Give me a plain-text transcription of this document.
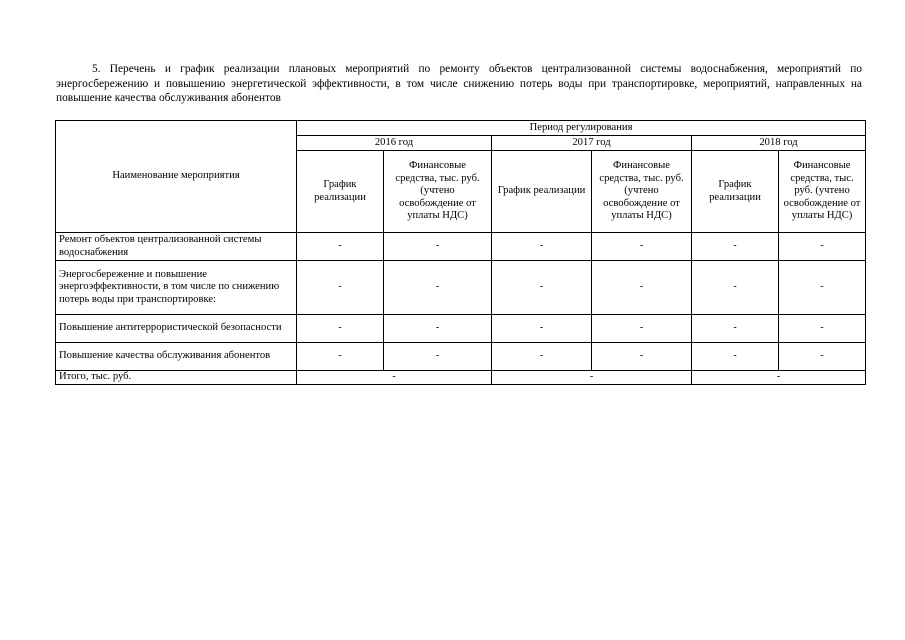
5. Перечень и график реализации плановых мероприятий по ремонту объектов централизованной системы водоснабжения, мероприятий по энергосбережению и повышению энергетической эффективности, в том числе снижению потерь воды при транспортировке, мероприятий, направленных на повышение качества обслуживания абонентов
Наименование мероприятия	Период регулирования					
	2016 год		2017 год		2018 год	
	График реализации	Финансовые средства, тыс. руб. (учтено освобождение от уплаты НДС)	График реализации	Финансовые средства, тыс. руб. (учтено освобождение от уплаты НДС)	График реализации	Финансовые средства, тыс. руб. (учтено освобождение от уплаты НДС)
Ремонт объектов централизованной системы водоснабжения	-	-	-	-	-	-
Энергосбережение и повышение энергоэффективности, в том числе по снижению потерь воды при транспортировке:	-	-	-	-	-	-
Повышение антитеррористической безопасности	-	-	-	-	-	-
Повышение качества обслуживания абонентов	-	-	-	-	-	-
Итого, тыс. руб.	-		-		-	
